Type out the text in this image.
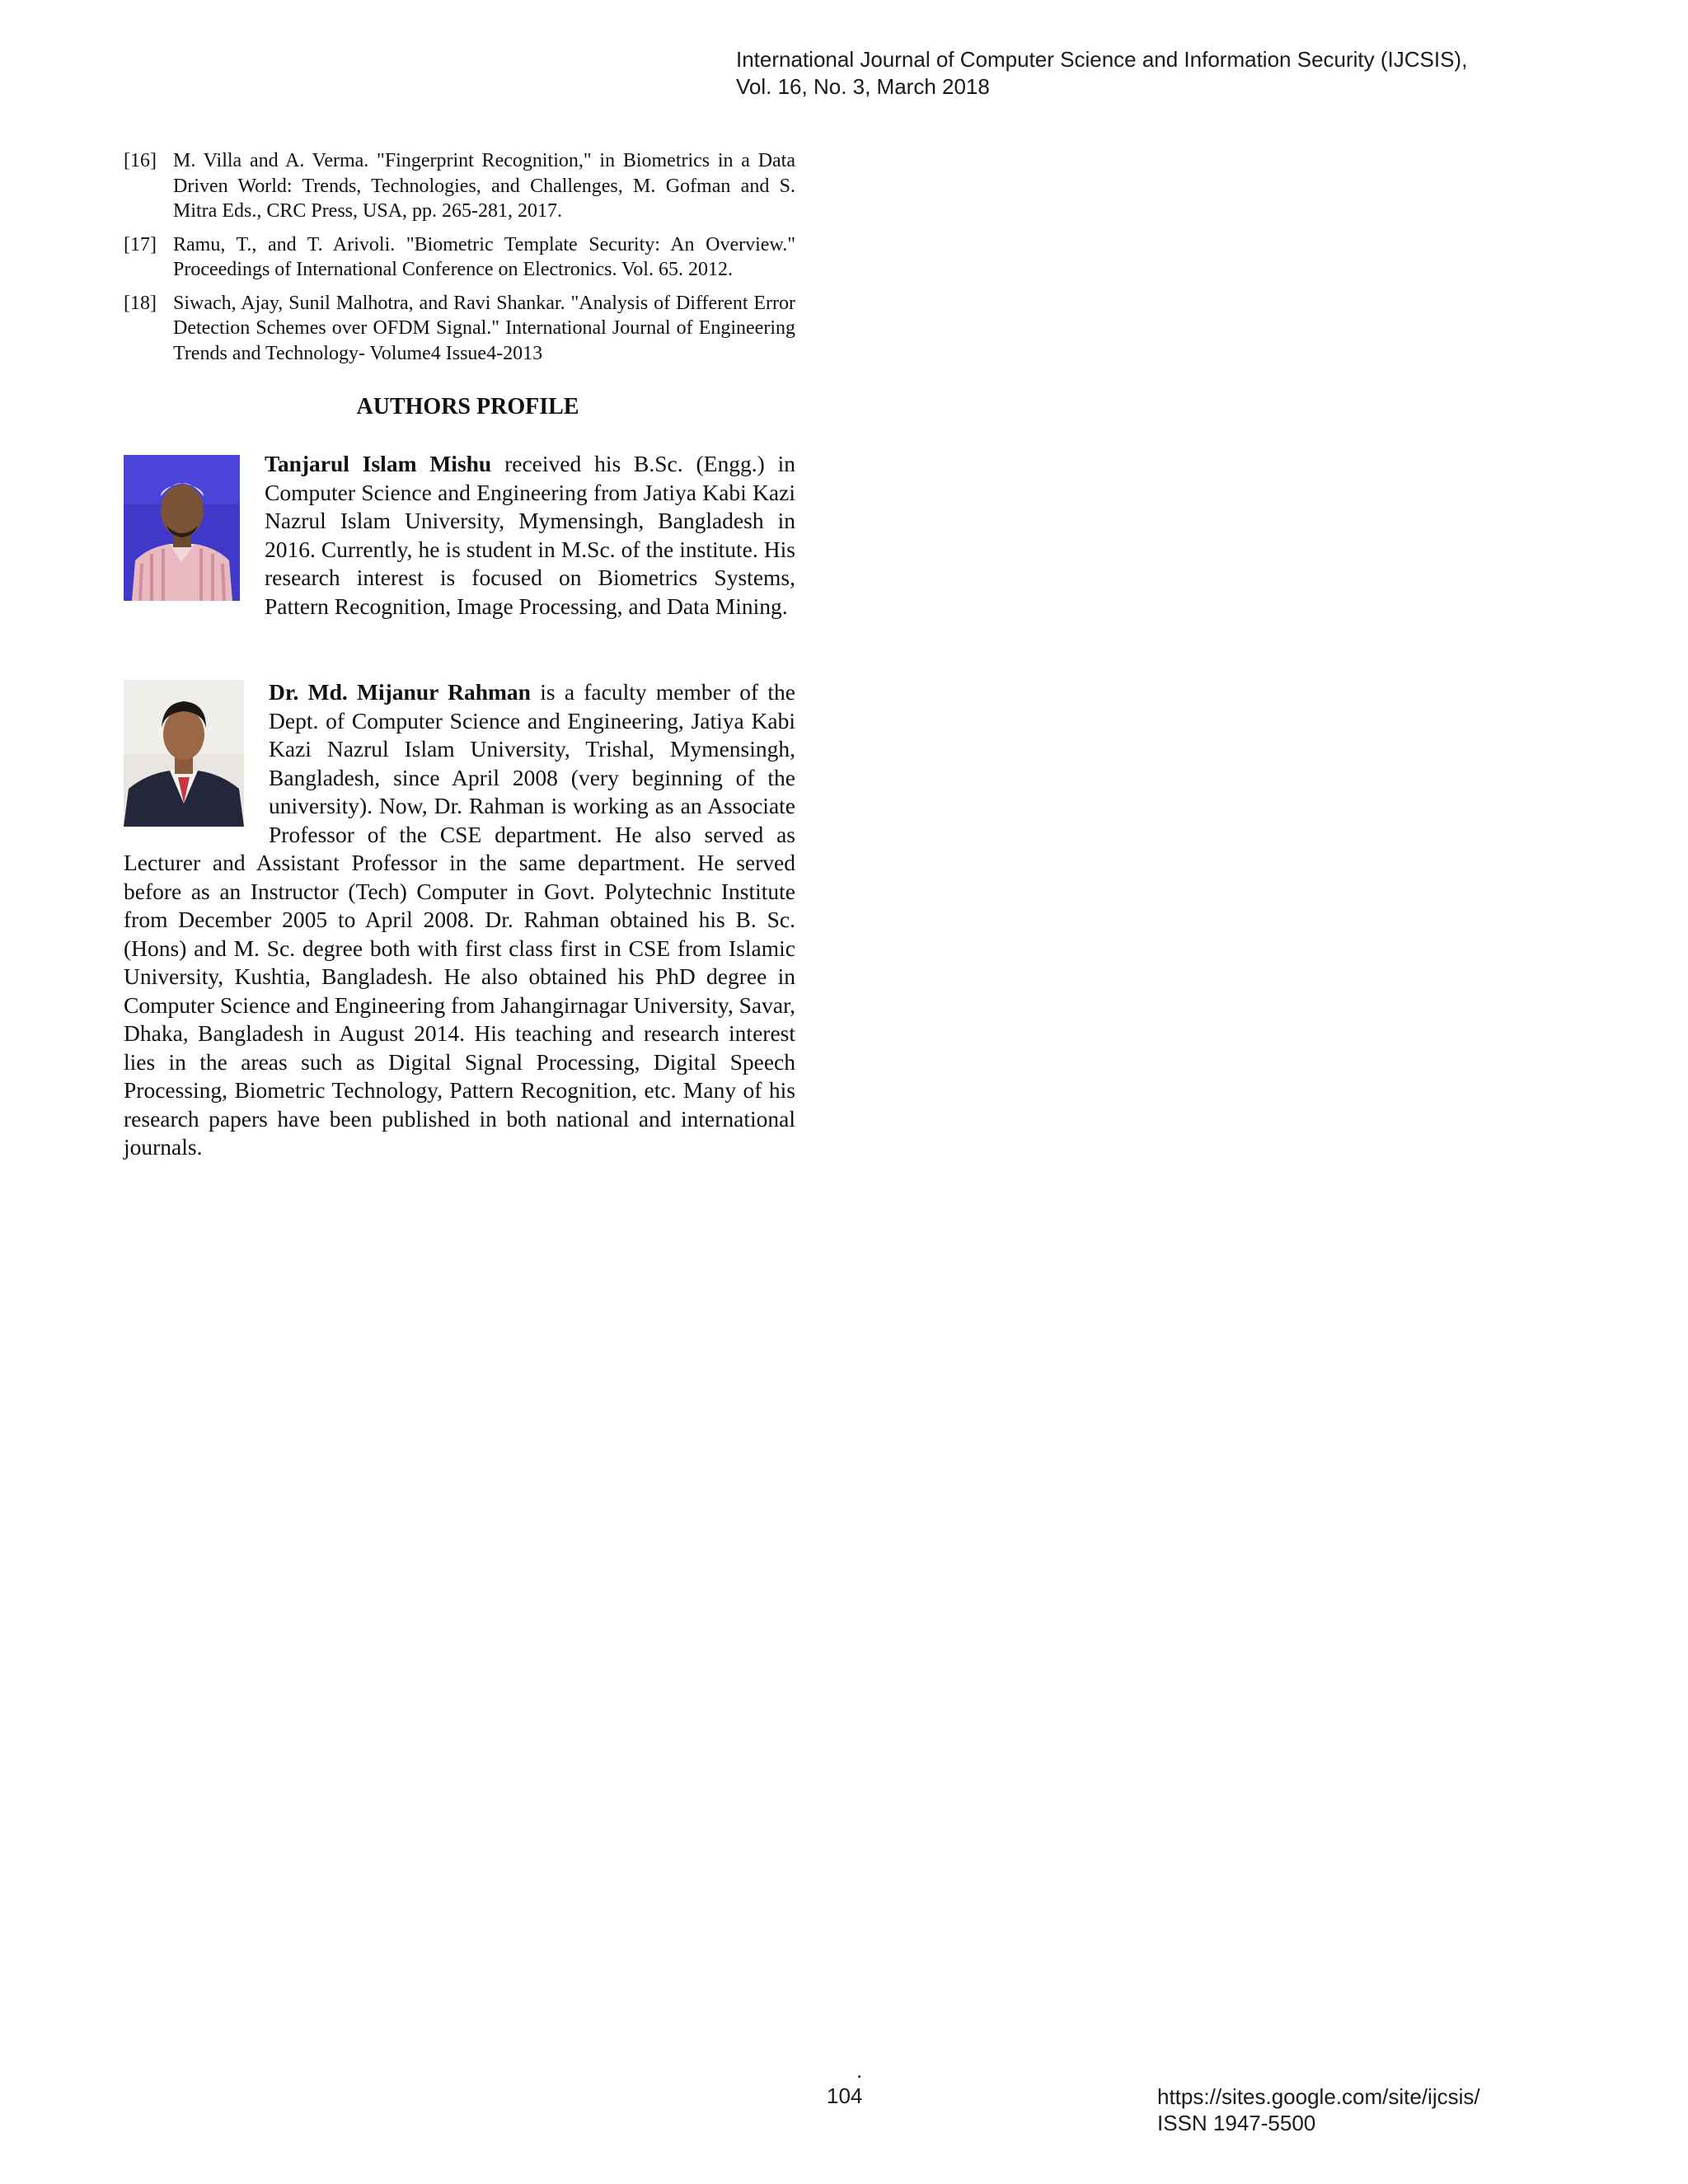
International Journal of Computer Science and Information Security (IJCSIS),
Vol. 16, No. 3, March 2018
[16] M. Villa and A. Verma. "Fingerprint Recognition," in Biometrics in a Data Driven World: Trends, Technologies, and Challenges, M. Gofman and S. Mitra Eds., CRC Press, USA, pp. 265-281, 2017.
[17] Ramu, T., and T. Arivoli. "Biometric Template Security: An Overview." Proceedings of International Conference on Electronics. Vol. 65. 2012.
[18] Siwach, Ajay, Sunil Malhotra, and Ravi Shankar. "Analysis of Different Error Detection Schemes over OFDM Signal." International Journal of Engineering Trends and Technology- Volume4 Issue4-2013
AUTHORS PROFILE
Tanjarul Islam Mishu received his B.Sc. (Engg.) in Computer Science and Engineering from Jatiya Kabi Kazi Nazrul Islam University, Mymensingh, Bangladesh in 2016. Currently, he is student in M.Sc. of the institute. His research interest is focused on Biometrics Systems, Pattern Recognition, Image Processing, and Data Mining.
Dr. Md. Mijanur Rahman is a faculty member of the Dept. of Computer Science and Engineering, Jatiya Kabi Kazi Nazrul Islam University, Trishal, Mymensingh, Bangladesh, since April 2008 (very beginning of the university). Now, Dr. Rahman is working as an Associate Professor of the CSE department. He also served as Lecturer and Assistant Professor in the same department. He served before as an Instructor (Tech) Computer in Govt. Polytechnic Institute from December 2005 to April 2008. Dr. Rahman obtained his B. Sc. (Hons) and M. Sc. degree both with first class first in CSE from Islamic University, Kushtia, Bangladesh. He also obtained his PhD degree in Computer Science and Engineering from Jahangirnagar University, Savar, Dhaka, Bangladesh in August 2014. His teaching and research interest lies in the areas such as Digital Signal Processing, Digital Speech Processing, Biometric Technology, Pattern Recognition, etc. Many of his research papers have been published in both national and international journals.
.
104	https://sites.google.com/site/ijcsis/
ISSN 1947-5500
